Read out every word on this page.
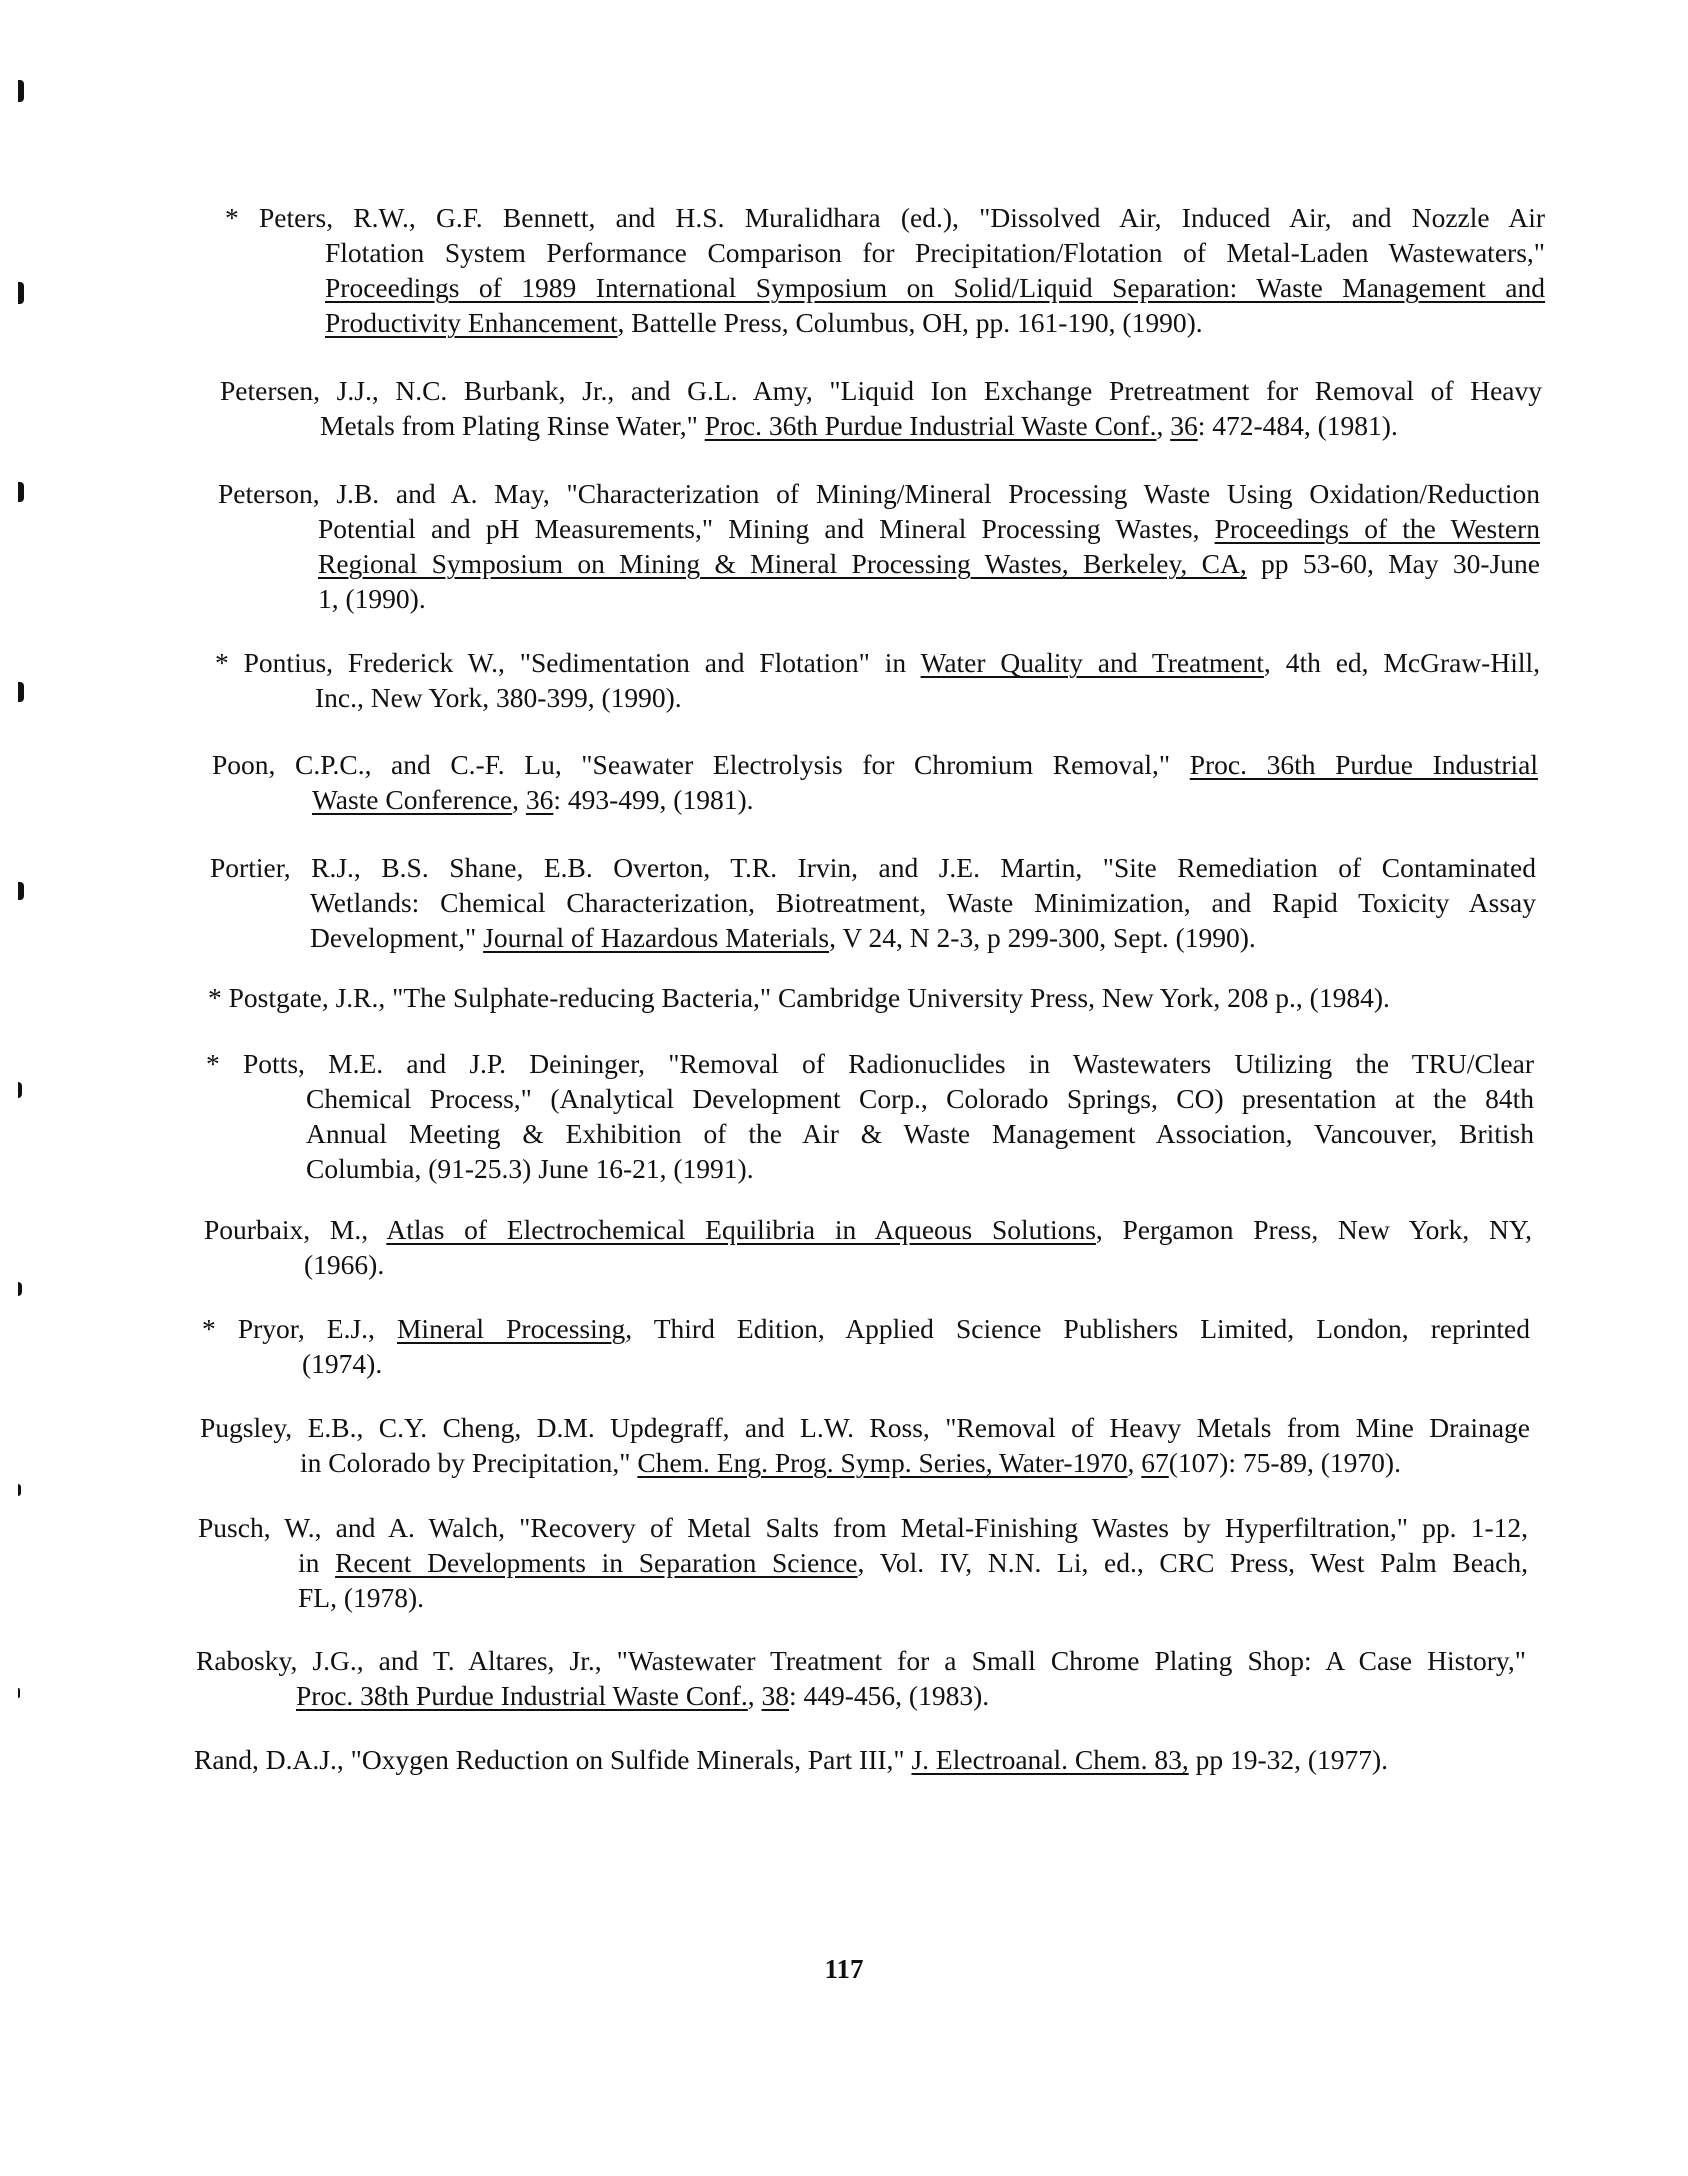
* Peters, R.W., G.F. Bennett, and H.S. Muralidhara (ed.), "Dissolved Air, Induced Air, and Nozzle Air
Flotation System Performance Comparison for Precipitation/Flotation of Metal-Laden Wastewaters,"
Proceedings of 1989 International Symposium on Solid/Liquid Separation: Waste Management and
Productivity Enhancement, Battelle Press, Columbus, OH, pp. 161-190, (1990).
Petersen, J.J., N.C. Burbank, Jr., and G.L. Amy, "Liquid Ion Exchange Pretreatment for Removal of Heavy
Metals from Plating Rinse Water," Proc. 36th Purdue Industrial Waste Conf., 36: 472-484, (1981).
Peterson, J.B. and A. May, "Characterization of Mining/Mineral Processing Waste Using Oxidation/Reduction
Potential and pH Measurements," Mining and Mineral Processing Wastes, Proceedings of the Western
Regional Symposium on Mining & Mineral Processing Wastes, Berkeley, CA, pp 53-60, May 30-June
1, (1990).
* Pontius, Frederick W., "Sedimentation and Flotation" in Water Quality and Treatment, 4th ed, McGraw-Hill,
Inc., New York, 380-399, (1990).
Poon, C.P.C., and C.-F. Lu, "Seawater Electrolysis for Chromium Removal," Proc. 36th Purdue Industrial
Waste Conference, 36: 493-499, (1981).
Portier, R.J., B.S. Shane, E.B. Overton, T.R. Irvin, and J.E. Martin, "Site Remediation of Contaminated
Wetlands: Chemical Characterization, Biotreatment, Waste Minimization, and Rapid Toxicity Assay
Development," Journal of Hazardous Materials, V 24, N 2-3, p 299-300, Sept. (1990).
* Postgate, J.R., "The Sulphate-reducing Bacteria," Cambridge University Press, New York, 208 p., (1984).
* Potts, M.E. and J.P. Deininger, "Removal of Radionuclides in Wastewaters Utilizing the TRU/Clear
Chemical Process," (Analytical Development Corp., Colorado Springs, CO) presentation at the 84th
Annual Meeting & Exhibition of the Air & Waste Management Association, Vancouver, British
Columbia, (91-25.3) June 16-21, (1991).
Pourbaix, M., Atlas of Electrochemical Equilibria in Aqueous Solutions, Pergamon Press, New York, NY,
(1966).
* Pryor, E.J., Mineral Processing, Third Edition, Applied Science Publishers Limited, London, reprinted
(1974).
Pugsley, E.B., C.Y. Cheng, D.M. Updegraff, and L.W. Ross, "Removal of Heavy Metals from Mine Drainage
in Colorado by Precipitation," Chem. Eng. Prog. Symp. Series, Water-1970, 67(107): 75-89, (1970).
Pusch, W., and A. Walch, "Recovery of Metal Salts from Metal-Finishing Wastes by Hyperfiltration," pp. 1-12,
in Recent Developments in Separation Science, Vol. IV, N.N. Li, ed., CRC Press, West Palm Beach,
FL, (1978).
Rabosky, J.G., and T. Altares, Jr., "Wastewater Treatment for a Small Chrome Plating Shop: A Case History,"
Proc. 38th Purdue Industrial Waste Conf., 38: 449-456, (1983).
Rand, D.A.J., "Oxygen Reduction on Sulfide Minerals, Part III," J. Electroanal. Chem. 83, pp 19-32, (1977).
117
